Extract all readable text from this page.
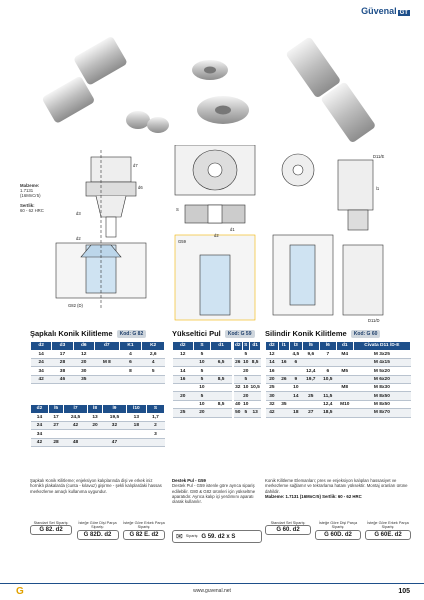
Güvenal GT
d7
d6
d3
d2
G82 (D)
Malzeme:
1.7131
(16MnCr5)

Sertlik:
60 - 62 HRC	S
d1
d2
G59
D11/E
l1
D11/D
Şapkalı Konik Kilitleme Kod: G 82	Yükseltici Pul Kod: G 59	Silindir Konik Kilitleme Kod: G 60
d2	d3	d6	d7	K1	K2
14	17	12		4	2,6
24	28	20	M 8	6	4
34	38	30		8	5
42	46	35			
d2	l5	l7	l8	l9	l10	S
14	17	24,5	13	19,5	13	1,7
24	27	42	20	32	18	2
34						3
42	28	48		47		
d2	S	d1
12	5	
	10	6,5
14	5	
16	5	8,5
	10	
20	5	
	10	8,5
25	20	
d2	S	d1
	5	
26	10	8,5
	20	
	5	
32	10	10,5
	20	
40	10	
50	5	13
d2	l1	l3	l5	l6	d1	Civata D11 /D-E
12		4,5	9,6	7	M4	M 3x25
14	16	6				M 4x15
16			12,4	6	M5	M 5x20
20	26	9	19,7	10,5		M 6x20
25		10			M8	M 8x30
30		14	25	11,5		M 8x50
32	35			12,4	M10	M 8x50
42		18	27	18,5		M 8x70
Şapkalı Konik Kilitleme; enjeksiyon kalıplarında dişi ve erkek iniz horniklı plakalarda (cunta - kılavuz) gişirme - şekli kalıplardaki hassas merkezleme amaçlı kullanıma uygundur.
Destek Pul - G59
Destek Pul - G59 istenle göre ayrıca sipariş edilebilir. G80 & G82 ürünleri için yükseltme aparatıdır. Ayrıca kalıp içi yerdımını aparatı olarak kullanılır.
Konik Kilitleme Elemanları; pres ve enjeksiyon kalıpları hassasiyet ve merkezleme sağlamır ve tekrarlama hatanı yüksektir. Montaj oranları ürüne dahildir.
Malzeme: 1.7131 (16MnCr5) Sertlik: 60 - 62 HRC
Standart Set Sipariş:
G 82. d2
İsteğe Göre Dişi Parça Sipariş:
G 82D. d2
İsteğe Göre Erkek Parça Sipariş:
G 82 E. d2	✉ Sipariş: G 59. d2 x S
Standart Set Sipariş:
G 60. d2
İsteğe Göre Dişi Parça Sipariş:
G 60D. d2
İsteğe Göre Erkek Parça Sipariş:
G 60E. d2
G	www.guvenal.net	105
